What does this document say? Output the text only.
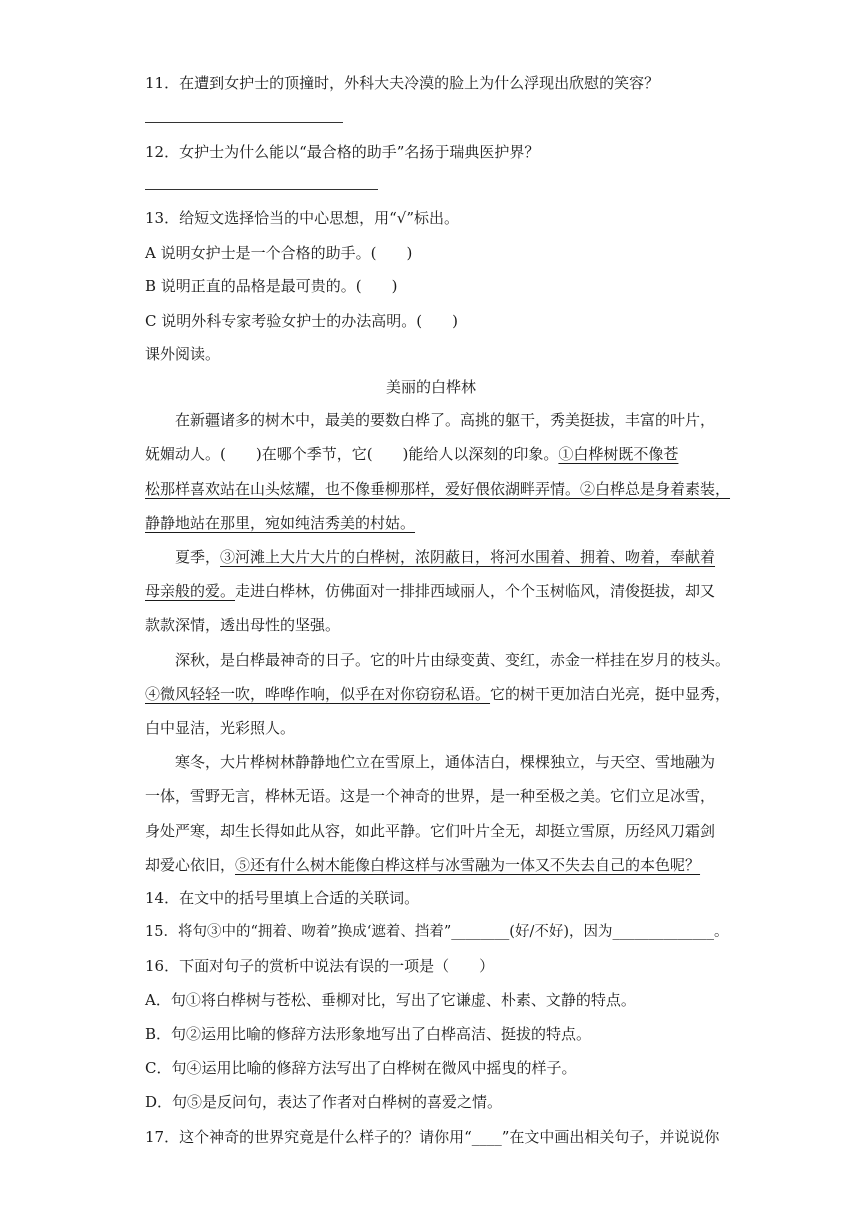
11．在遭到女护士的顶撞时，外科大夫冷漠的脸上为什么浮现出欣慰的笑容？
12．女护士为什么能以“最合格的助手”名扬于瑞典医护界？
13．给短文选择恰当的中心思想，用“√”标出。
A 说明女护士是一个合格的助手。(　　)
B 说明正直的品格是最可贵的。(　　)
C 说明外科专家考验女护士的办法高明。(　　)
课外阅读。
美丽的白桦林
在新疆诸多的树木中，最美的要数白桦了。高挑的躯干，秀美挺拔，丰富的叶片，
妩媚动人。(　　)在哪个季节，它(　　)能给人以深刻的印象。①白桦树既不像苍
松那样喜欢站在山头炫耀，也不像垂柳那样，爱好偎依湖畔弄情。②白桦总是身着素装，
静静地站在那里，宛如纯洁秀美的村姑。
夏季，③河滩上大片大片的白桦树，浓阴蔽日，将河水围着、拥着、吻着，奉献着
母亲般的爱。走进白桦林，仿佛面对一排排西域丽人，个个玉树临风，清俊挺拔，却又
款款深情，透出母性的坚强。
深秋，是白桦最神奇的日子。它的叶片由绿变黄、变红，赤金一样挂在岁月的枝头。
④微风轻轻一吹，哗哗作响，似乎在对你窃窃私语。它的树干更加洁白光亮，挺中显秀，
白中显洁，光彩照人。
寒冬，大片桦树林静静地伫立在雪原上，通体洁白，棵棵独立，与天空、雪地融为
一体，雪野无言，桦林无语。这是一个神奇的世界，是一种至极之美。它们立足冰雪，
身处严寒，却生长得如此从容，如此平静。它们叶片全无，却挺立雪原，历经风刀霜剑
却爱心依旧，⑤还有什么树木能像白桦这样与冰雪融为一体又不失去自己的本色呢？
14．在文中的括号里填上合适的关联词。
15．将句③中的“拥着、吻着”换成‘遮着、挡着”________(好/不好)，因为______________。
16．下面对句子的赏析中说法有误的一项是（　　）
A．句①将白桦树与苍松、垂柳对比，写出了它谦虚、朴素、文静的特点。
B．句②运用比喻的修辞方法形象地写出了白桦高洁、挺拔的特点。
C．句④运用比喻的修辞方法写出了白桦树在微风中摇曳的样子。
D．句⑤是反问句，表达了作者对白桦树的喜爱之情。
17．这个神奇的世界究竟是什么样子的？请你用“____”在文中画出相关句子，并说说你
